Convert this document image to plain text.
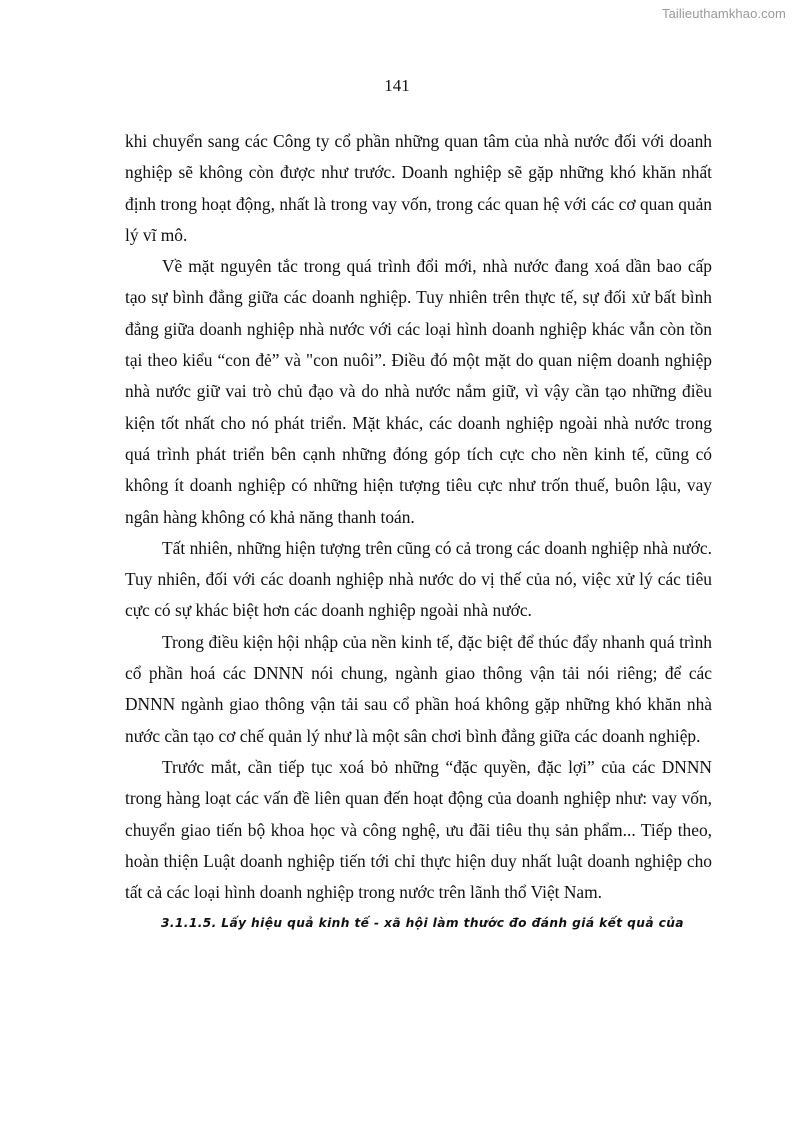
Tailieuthamkhao.com
141

khi chuyển sang các Công ty cổ phần những quan tâm của nhà nước đối với doanh nghiệp sẽ không còn được như trước. Doanh nghiệp sẽ gặp những khó khăn nhất định trong hoạt động, nhất là trong vay vốn, trong các quan hệ với các cơ quan quản lý vĩ mô.

Về mặt nguyên tắc trong quá trình đổi mới, nhà nước đang xoá dần bao cấp tạo sự bình đẳng giữa các doanh nghiệp. Tuy nhiên trên thực tế, sự đối xử bất bình đẳng giữa doanh nghiệp nhà nước với các loại hình doanh nghiệp khác vẫn còn tồn tại theo kiểu “con đẻ” và "con nuôi”. Điều đó một mặt do quan niệm doanh nghiệp nhà nước giữ vai trò chủ đạo và do nhà nước nắm giữ, vì vậy cần tạo những điều kiện tốt nhất cho nó phát triển. Mặt khác, các doanh nghiệp ngoài nhà nước trong quá trình phát triển bên cạnh những đóng góp tích cực cho nền kinh tế, cũng có không ít doanh nghiệp có những hiện tượng tiêu cực như trốn thuế, buôn lậu, vay ngân hàng không có khả năng thanh toán.

Tất nhiên, những hiện tượng trên cũng có cả trong các doanh nghiệp nhà nước. Tuy nhiên, đối với các doanh nghiệp nhà nước do vị thế của nó, việc xử lý các tiêu cực có sự khác biệt hơn các doanh nghiệp ngoài nhà nước.

Trong điều kiện hội nhập của nền kinh tế, đặc biệt để thúc đẩy nhanh quá trình cổ phần hoá các DNNN nói chung, ngành giao thông vận tải nói riêng; để các DNNN ngành giao thông vận tải sau cổ phần hoá không gặp những khó khăn nhà nước cần tạo cơ chế quản lý như là một sân chơi bình đẳng giữa các doanh nghiệp.

Trước mắt, cần tiếp tục xoá bỏ những “đặc quyền, đặc lợi” của các DNNN trong hàng loạt các vấn đề liên quan đến hoạt động của doanh nghiệp như: vay vốn, chuyển giao tiến bộ khoa học và công nghệ, ưu đãi tiêu thụ sản phẩm... Tiếp theo, hoàn thiện Luật doanh nghiệp tiến tới chỉ thực hiện duy nhất luật doanh nghiệp cho tất cả các loại hình doanh nghiệp trong nước trên lãnh thổ Việt Nam.

3.1.1.5. Lấy hiệu quả kinh tế - xã hội làm thước đo đánh giá kết quả của
